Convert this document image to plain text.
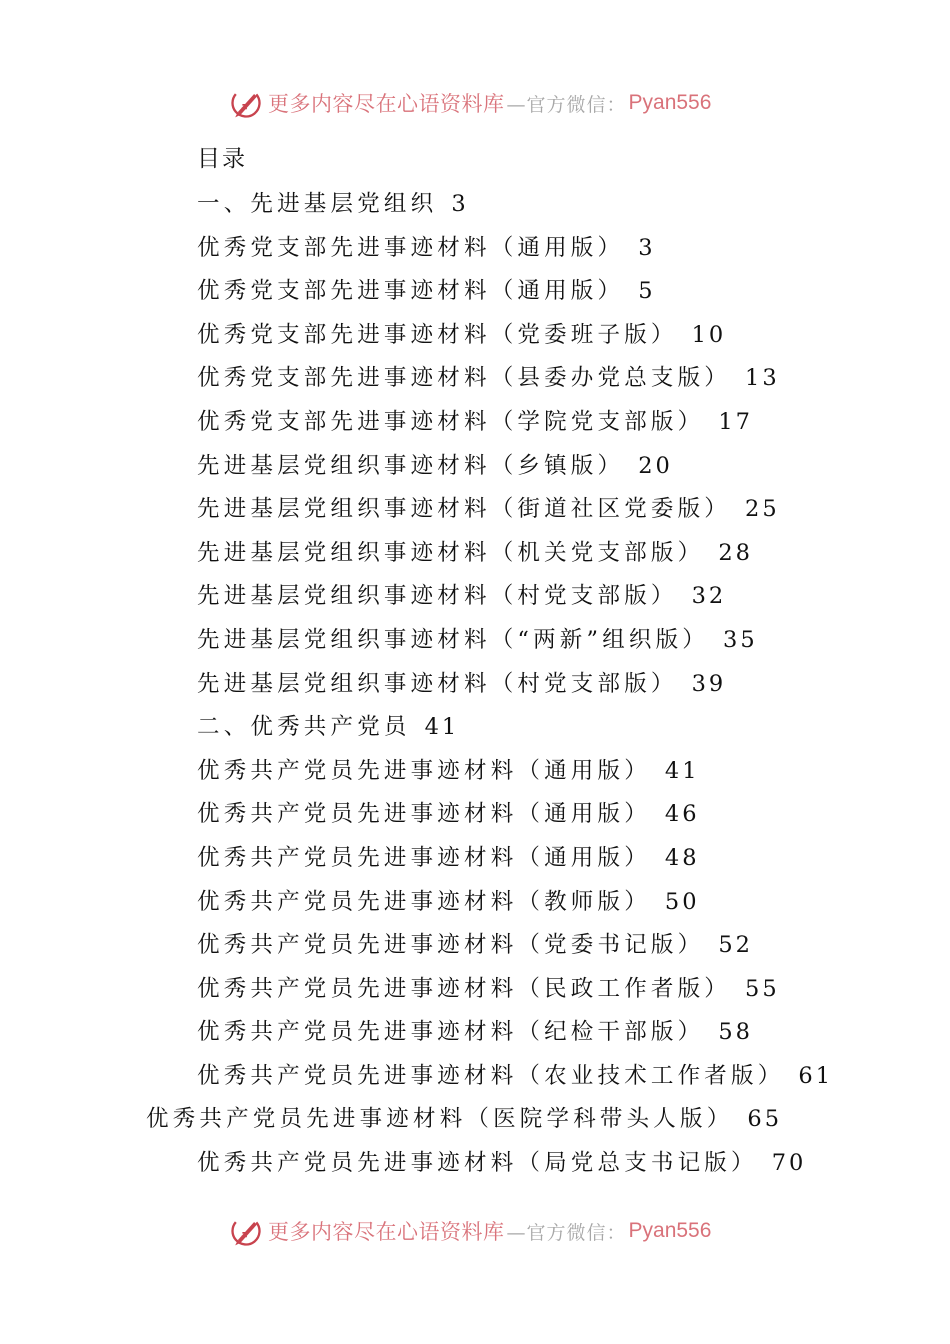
更多内容尽在心语资料库 —官方微信： Pyan556
目录
一、先进基层党组织 3
优秀党支部先进事迹材料（通用版） 3
优秀党支部先进事迹材料（通用版） 5
优秀党支部先进事迹材料（党委班子版） 10
优秀党支部先进事迹材料（县委办党总支版） 13
优秀党支部先进事迹材料（学院党支部版） 17
先进基层党组织事迹材料（乡镇版） 20
先进基层党组织事迹材料（街道社区党委版） 25
先进基层党组织事迹材料（机关党支部版） 28
先进基层党组织事迹材料（村党支部版） 32
先进基层党组织事迹材料（“两新”组织版） 35
先进基层党组织事迹材料（村党支部版） 39
二、优秀共产党员 41
优秀共产党员先进事迹材料（通用版） 41
优秀共产党员先进事迹材料（通用版） 46
优秀共产党员先进事迹材料（通用版） 48
优秀共产党员先进事迹材料（教师版） 50
优秀共产党员先进事迹材料（党委书记版） 52
优秀共产党员先进事迹材料（民政工作者版） 55
优秀共产党员先进事迹材料（纪检干部版） 58
优秀共产党员先进事迹材料（农业技术工作者版） 61
优秀共产党员先进事迹材料（医院学科带头人版） 65
优秀共产党员先进事迹材料（局党总支书记版） 70
更多内容尽在心语资料库 —官方微信： Pyan556
